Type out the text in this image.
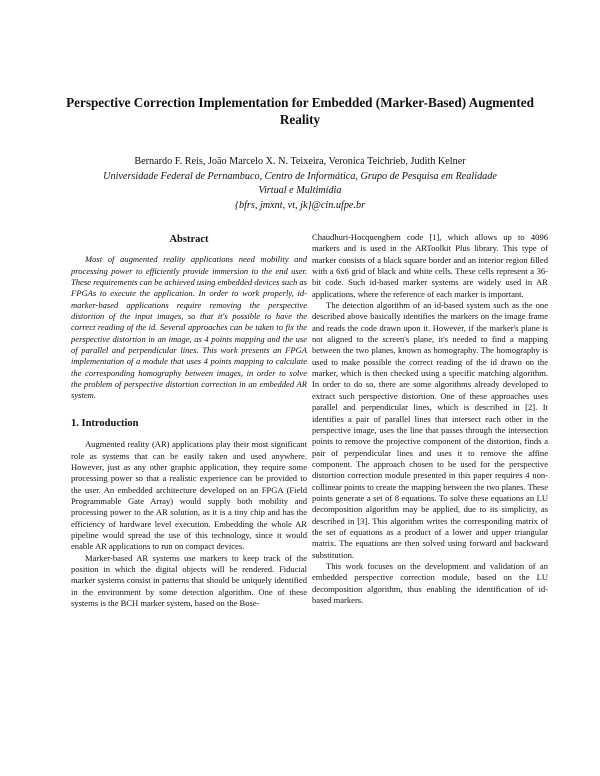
Perspective Correction Implementation for Embedded (Marker-Based) Augmented Reality
Bernardo F. Reis, João Marcelo X. N. Teixeira, Veronica Teichrieb, Judith Kelner
Universidade Federal de Pernambuco, Centro de Informática, Grupo de Pesquisa em Realidade
Virtual e Multimídia
{bfrs, jmxnt, vt, jk}@cin.ufpe.br
Abstract

Most of augmented reality applications need mobility and processing power to efficiently provide immersion to the end user. These requirements can be achieved using embedded devices such as FPGAs to execute the application. In order to work properly, id-marker-based applications require removing the perspective distortion of the input images, so that it's possible to have the correct reading of the id. Several approaches can be taken to fix the perspective distortion in an image, as 4 points mapping and the use of parallel and perpendicular lines. This work presents an FPGA implementation of a module that uses 4 points mapping to calculate the corresponding homography between images, in order to solve the problem of perspective distortion correction in an embedded AR system.

1. Introduction

Augmented reality (AR) applications play their most significant role as systems that can be easily taken and used anywhere. However, just as any other graphic application, they require some processing power so that a realistic experience can be provided to the user. An embedded architecture developed on an FPGA (Field Programmable Gate Array) would supply both mobility and processing power to the AR solution, as it is a tiny chip and has the efficiency of hardware level execution. Embedding the whole AR pipeline would spread the use of this technology, since it would enable AR applications to run on compact devices.

Marker-based AR systems use markers to keep track of the position in which the digital objects will be rendered. Fiducial marker systems consist in patterns that should be uniquely identified in the environment by some detection algorithm. One of these systems is the BCH marker system, based on the Bose-

Chaudhuri-Hocquenghem code [1], which allows up to 4096 markers and is used in the ARToolkit Plus library. This type of marker consists of a black square border and an interior region filled with a 6x6 grid of black and white cells. These cells represent a 36-bit code. Such id-based marker systems are widely used in AR applications, where the reference of each marker is important.

The detection algorithm of an id-based system such as the one described above basically identifies the markers on the image frame and reads the code drawn upon it. However, if the marker's plane is not aligned to the screen's plane, it's needed to find a mapping between the two planes, known as homography. The homography is used to make possible the correct reading of the id drawn on the marker, which is then checked using a specific matching algorithm. In order to do so, there are some algorithms already developed to extract such perspective distortion. One of these approaches uses parallel and perpendicular lines, which is described in [2]. It identifies a pair of parallel lines that intersect each other in the perspective image, uses the line that passes through the intersection points to remove the projective component of the distortion, finds a pair of perpendicular lines and uses it to remove the affine component. The approach chosen to be used for the perspective distortion correction module presented in this paper requires 4 non-collinear points to create the mapping between the two planes. These points generate a set of 8 equations. To solve these equations an LU decomposition algorithm may be applied, due to its simplicity, as described in [3]. This algorithm writes the corresponding matrix of the set of equations as a product of a lower and upper triangular matrix. The equations are then solved using forward and backward substitution.

This work focuses on the development and validation of an embedded perspective correction module, based on the LU decomposition algorithm, thus enabling the identification of id-based markers.
